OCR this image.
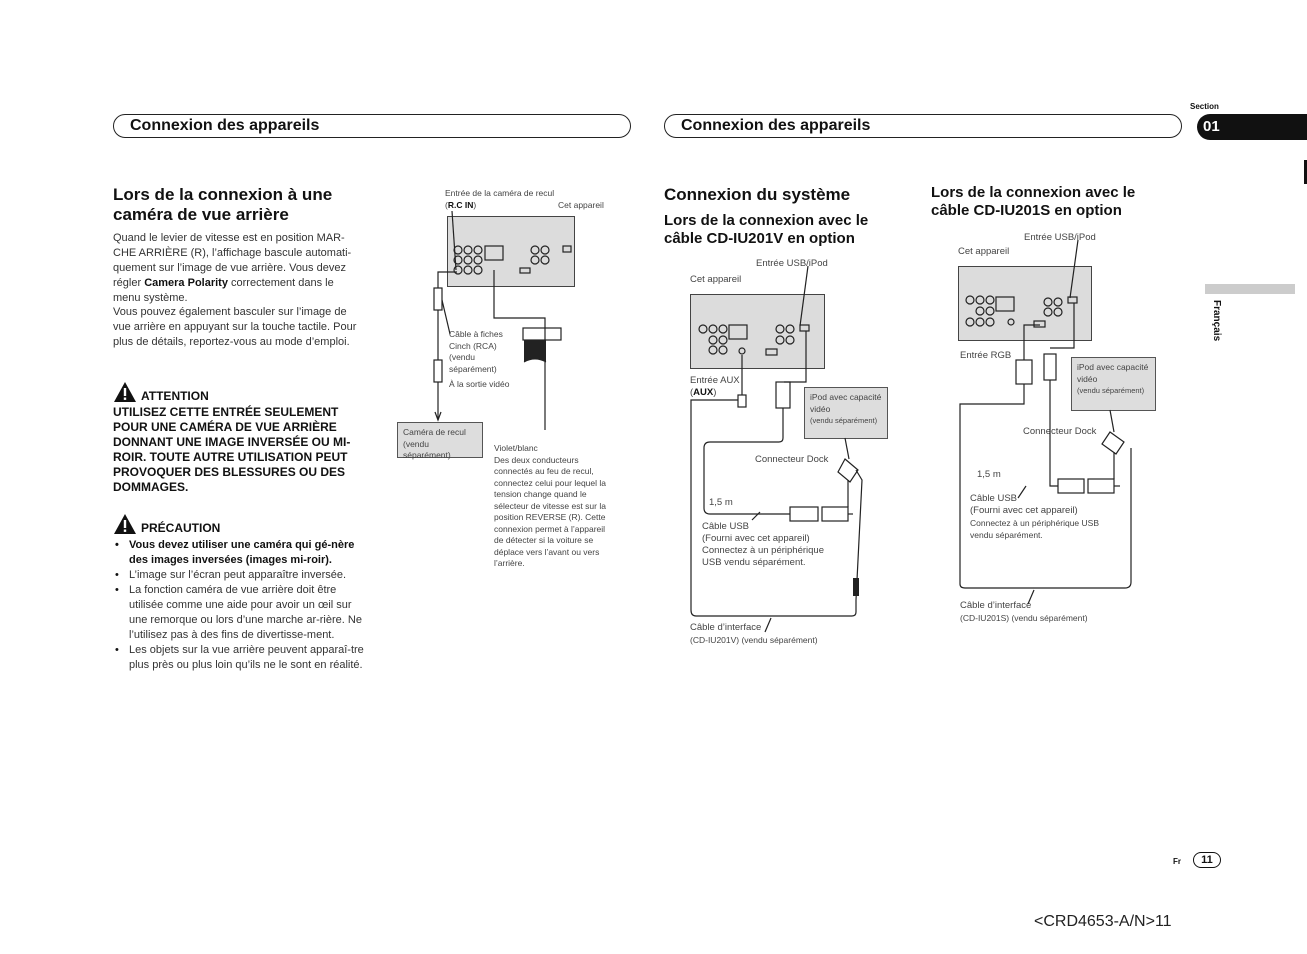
Connexion des appareils	Connexion des appareils
Section
01
Français
Lors de la connexion à une caméra de vue arrière
Quand le levier de vitesse est en position MAR-CHE ARRIÈRE (R), l’affichage bascule automati-quement sur l’image de vue arrière. Vous devez régler Camera Polarity correctement dans le menu système.
Vous pouvez également basculer sur l’image de vue arrière en appuyant sur la touche tactile. Pour plus de détails, reportez-vous au mode d’emploi.
ATTENTION
UTILISEZ CETTE ENTRÉE SEULEMENT POUR UNE CAMÉRA DE VUE ARRIÈRE DONNANT UNE IMAGE INVERSÉE OU MI-ROIR. TOUTE AUTRE UTILISATION PEUT PROVOQUER DES BLESSURES OU DES DOMMAGES.
PRÉCAUTION
• Vous devez utiliser une caméra qui gé-nère des images inversées (images mi-roir).
• L’image sur l’écran peut apparaître inversée.
• La fonction caméra de vue arrière doit être utilisée comme une aide pour avoir un œil sur une remorque ou lors d’une marche ar-rière. Ne l’utilisez pas à des fins de divertisse-ment.
• Les objets sur la vue arrière peuvent apparaî-tre plus près ou plus loin qu’ils ne le sont en réalité.
Entrée de la caméra de recul
(R.C IN)	Cet appareil
Câble à fiches Cinch (RCA) (vendu séparément)
À la sortie vidéo
Caméra de recul
(vendu séparément)
Violet/blanc
Des deux conducteurs connectés au feu de recul, connectez celui pour lequel la tension change quand le sélecteur de vitesse est sur la position REVERSE (R). Cette connexion permet à l’appareil de détecter si la voiture se déplace vers l’avant ou vers l’arrière.
Connexion du système
Lors de la connexion avec le câble CD-IU201V en option
Entrée USB/iPod
Cet appareil
Entrée AUX
(AUX)	iPod avec capacité vidéo
(vendu séparément)
Connecteur Dock
1,5 m
Câble USB
(Fourni avec cet appareil)
Connectez à un périphérique USB vendu séparément.
Câble d’interface
(CD-IU201V) (vendu séparément)
Lors de la connexion avec le câble CD-IU201S en option
Entrée USB/iPod
Cet appareil
Entrée RGB
iPod avec capacité vidéo
(vendu séparément)
Connecteur Dock
1,5 m
Câble USB
(Fourni avec cet appareil)
Connectez à un périphérique USB vendu séparément.
Câble d’interface
(CD-IU201S) (vendu séparément)
Fr	11
<CRD4653-A/N>11
